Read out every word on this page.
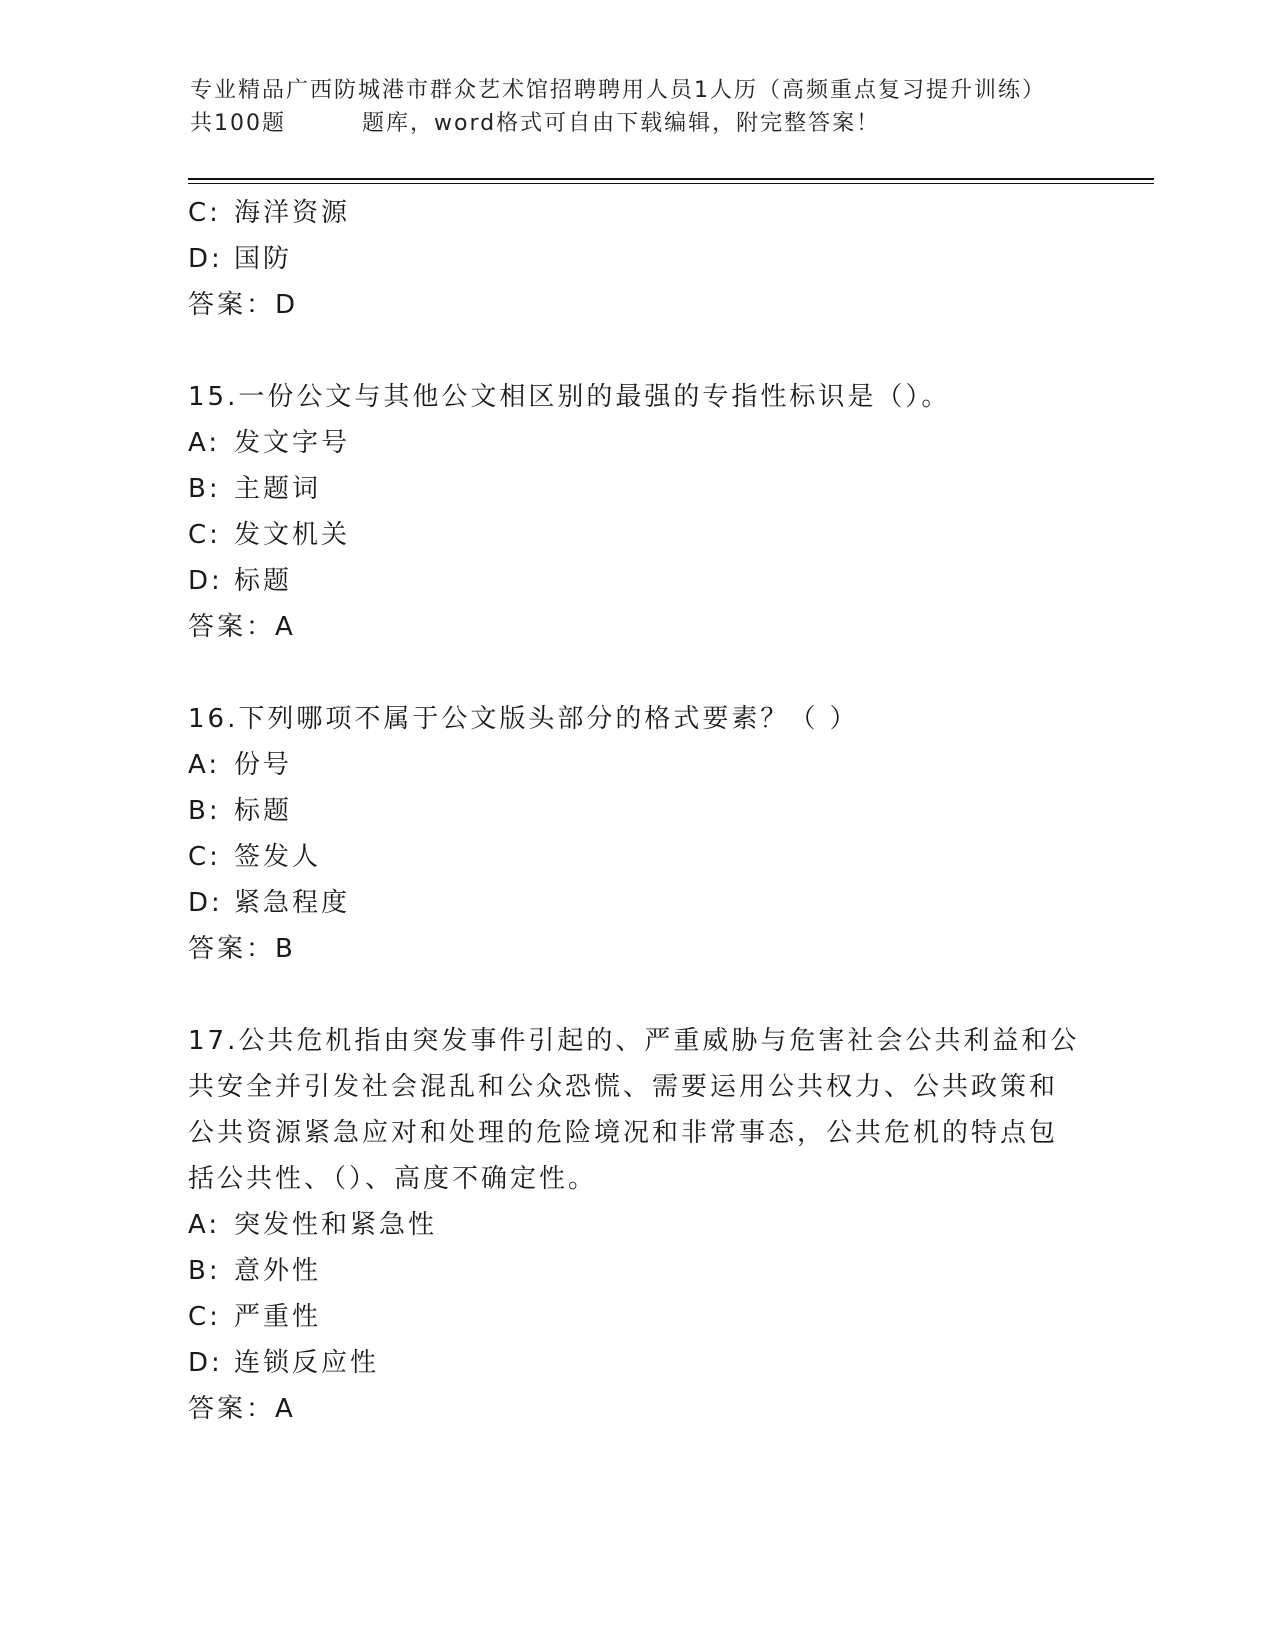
专业精品广西防城港市群众艺术馆招聘聘用人员1人历（高频重点复习提升训练）
共100题	题库，word格式可自由下载编辑，附完整答案！
C: 海洋资源
D: 国防
答案：D
15.一份公文与其他公文相区别的最强的专指性标识是（）。
A: 发文字号
B: 主题词
C: 发文机关
D: 标题
答案：A
16.下列哪项不属于公文版头部分的格式要素？（ ）
A: 份号
B: 标题
C: 签发人
D: 紧急程度
答案：B
17.公共危机指由突发事件引起的、严重威胁与危害社会公共利益和公
共安全并引发社会混乱和公众恐慌、需要运用公共权力、公共政策和
公共资源紧急应对和处理的危险境况和非常事态，公共危机的特点包
括公共性、（）、高度不确定性。
A: 突发性和紧急性
B: 意外性
C: 严重性
D: 连锁反应性
答案：A
